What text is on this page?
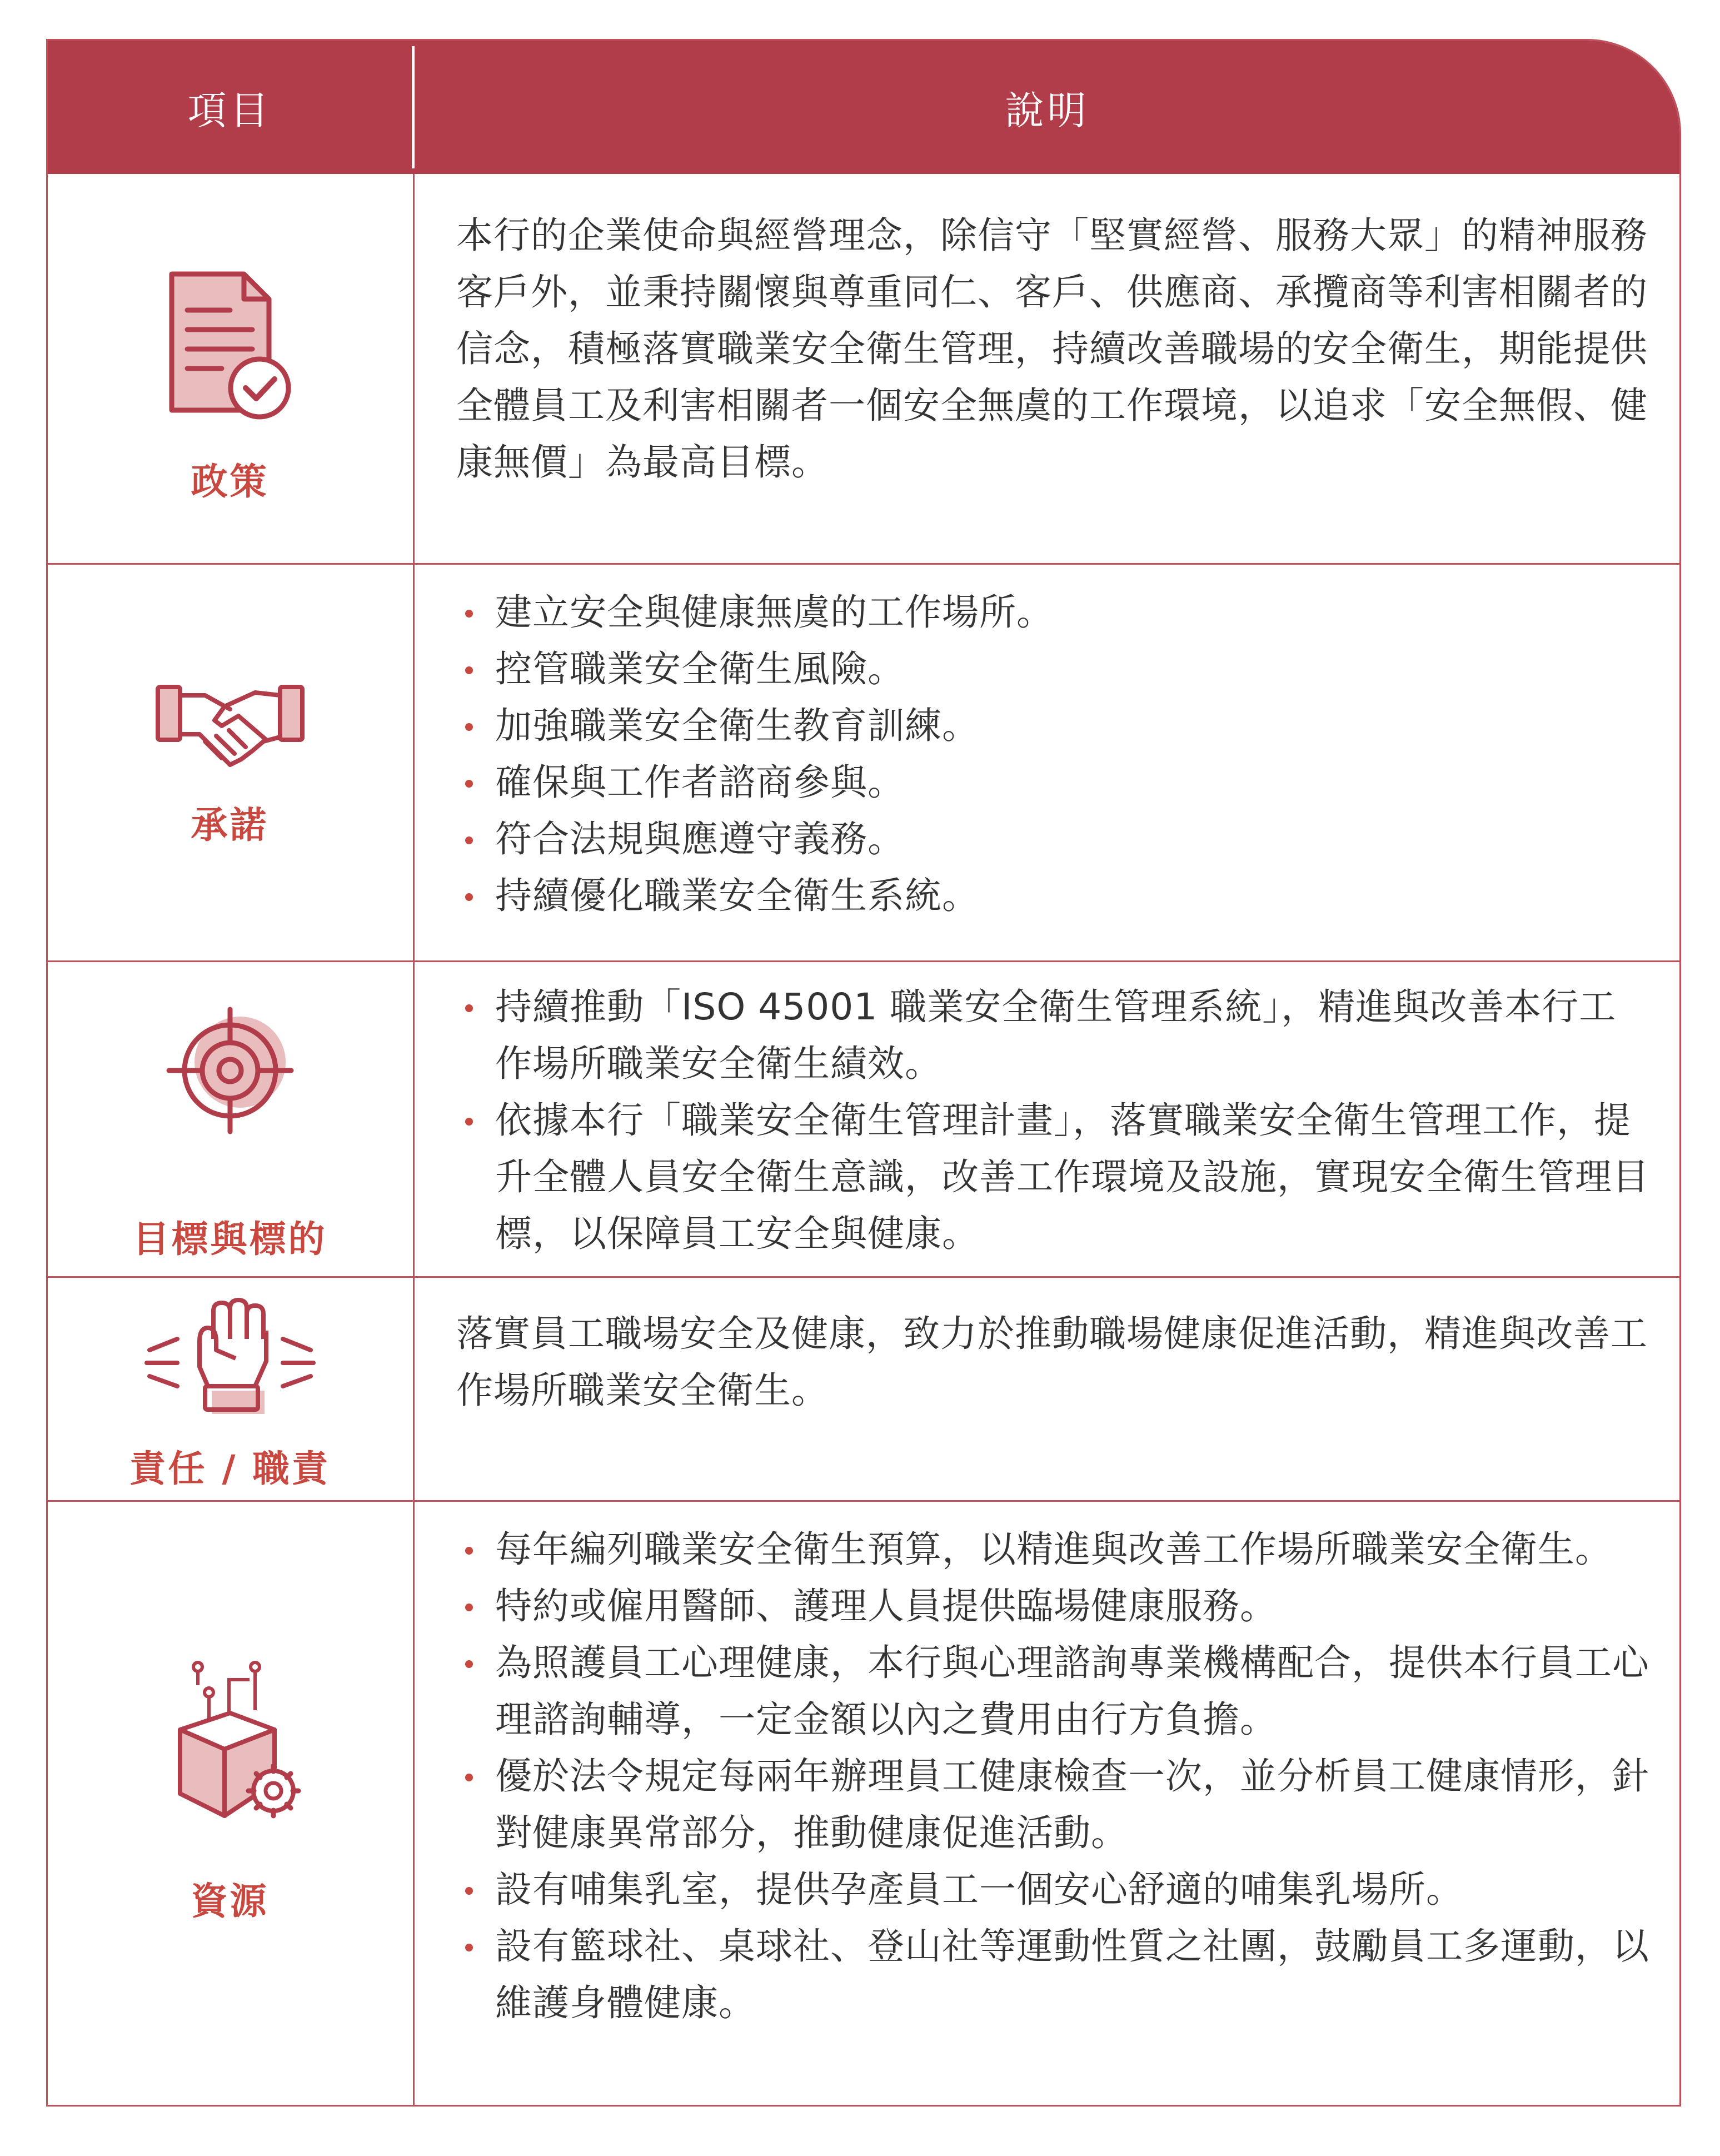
項目	說明
政策

本行的企業使命與經營理念，除信守「堅實經營、服務大眾」的精神服務客戶外，並秉持關懷與尊重同仁、客戶、供應商、承攬商等利害相關者的信念，積極落實職業安全衛生管理，持續改善職場的安全衛生，期能提供全體員工及利害相關者一個安全無虞的工作環境，以追求「安全無假、健康無價」為最高目標。

承諾
建立安全與健康無虞的工作場所。
控管職業安全衛生風險。
加強職業安全衛生教育訓練。
確保與工作者諮商參與。
符合法規與應遵守義務。
持續優化職業安全衛生系統。
目標與標的
持續推動「ISO 45001 職業安全衛生管理系統」，精進與改善本行工作場所職業安全衛生績效。
依據本行「職業安全衛生管理計畫」，落實職業安全衛生管理工作，提升全體人員安全衛生意識，改善工作環境及設施，實現安全衛生管理目標，以保障員工安全與健康。
責任 / 職責

落實員工職場安全及健康，致力於推動職場健康促進活動，精進與改善工作場所職業安全衛生。

資源
每年編列職業安全衛生預算，以精進與改善工作場所職業安全衛生。
特約或僱用醫師、護理人員提供臨場健康服務。
為照護員工心理健康，本行與心理諮詢專業機構配合，提供本行員工心理諮詢輔導，一定金額以內之費用由行方負擔。
優於法令規定每兩年辦理員工健康檢查一次，並分析員工健康情形，針對健康異常部分，推動健康促進活動。
設有哺集乳室，提供孕產員工一個安心舒適的哺集乳場所。
設有籃球社、桌球社、登山社等運動性質之社團，鼓勵員工多運動，以維護身體健康。
